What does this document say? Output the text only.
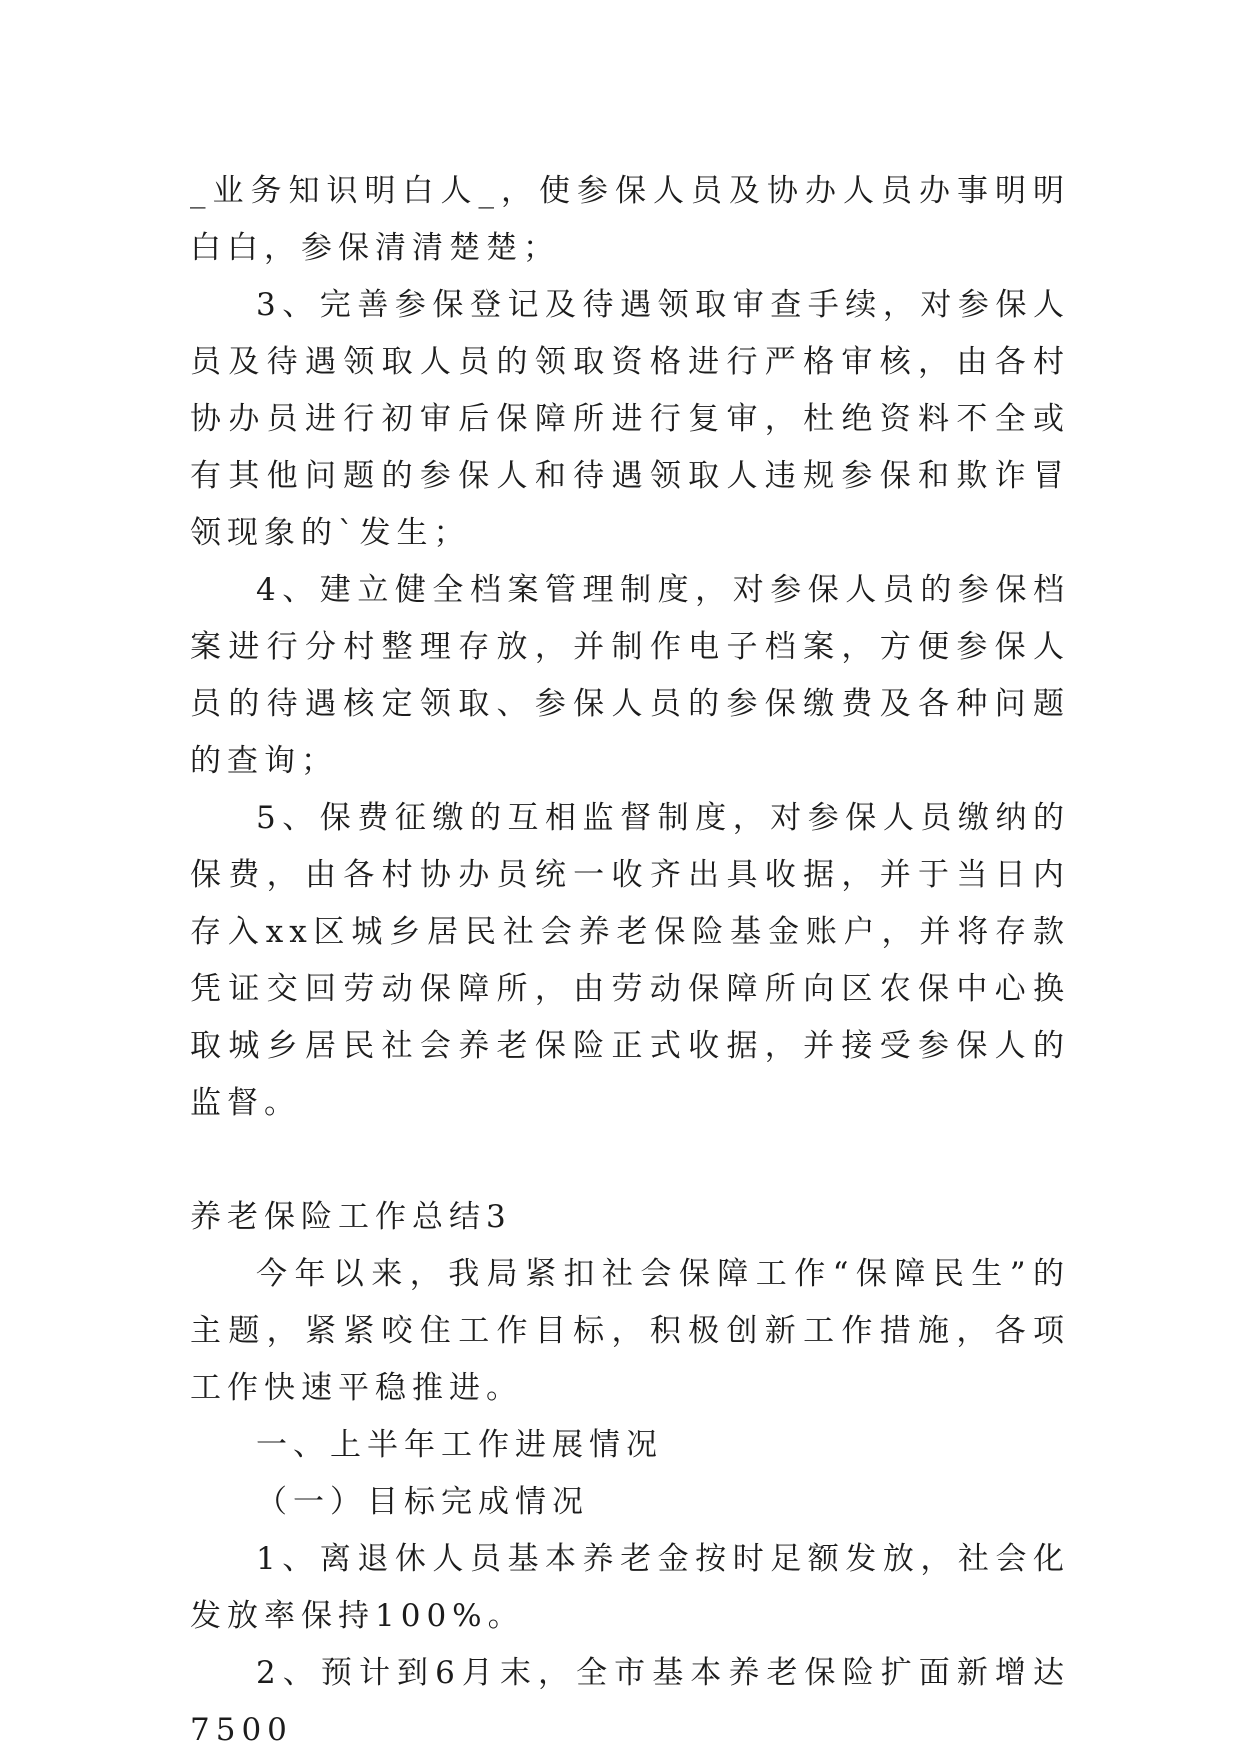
_业务知识明白人_，使参保人员及协办人员办事明明白白，参保清清楚楚；

3、完善参保登记及待遇领取审查手续，对参保人员及待遇领取人员的领取资格进行严格审核，由各村协办员进行初审后保障所进行复审，杜绝资料不全或有其他问题的参保人和待遇领取人违规参保和欺诈冒领现象的`发生；

4、建立健全档案管理制度，对参保人员的参保档案进行分村整理存放，并制作电子档案，方便参保人员的待遇核定领取、参保人员的参保缴费及各种问题的查询；

5、保费征缴的互相监督制度，对参保人员缴纳的保费，由各村协办员统一收齐出具收据，并于当日内存入xx区城乡居民社会养老保险基金账户，并将存款凭证交回劳动保障所，由劳动保障所向区农保中心换取城乡居民社会养老保险正式收据，并接受参保人的监督。

养老保险工作总结3

今年以来，我局紧扣社会保障工作“保障民生”的主题，紧紧咬住工作目标，积极创新工作措施，各项工作快速平稳推进。

一、上半年工作进展情况

（一）目标完成情况

1、离退休人员基本养老金按时足额发放，社会化发放率保持100%。

2、预计到6月末，全市基本养老保险扩面新增达7500
